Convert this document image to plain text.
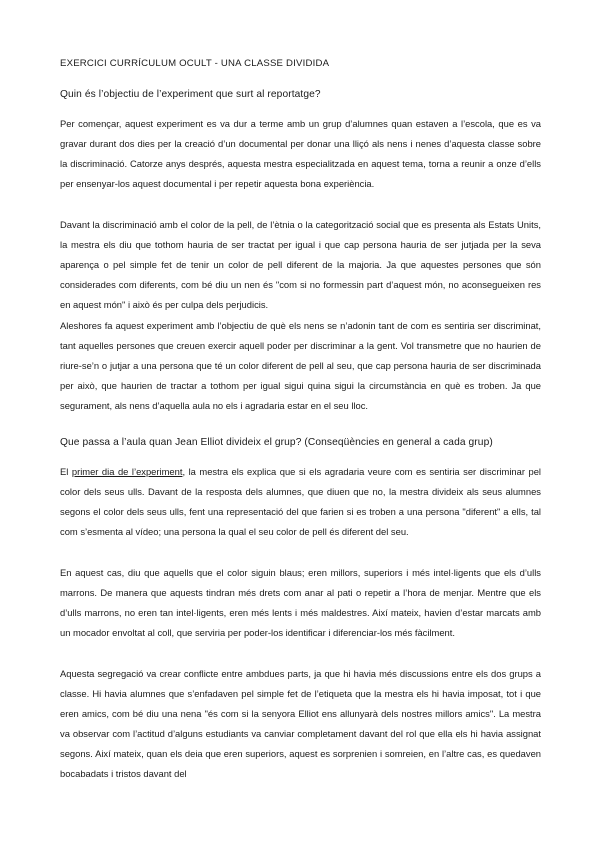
EXERCICI CURRÍCULUM OCULT - UNA CLASSE DIVIDIDA
Quin és l’objectiu de l’experiment que surt al reportatge?
Per començar, aquest experiment es va dur a terme amb un grup d’alumnes quan estaven a l’escola, que es va gravar durant dos dies per la creació d’un documental per donar una lliçó als nens i nenes d’aquesta classe sobre la discriminació. Catorze anys després, aquesta mestra especialitzada en aquest tema, torna a reunir a onze d’ells per ensenyar-los aquest documental i per repetir aquesta bona experiència.
Davant la discriminació amb el color de la pell, de l’ètnia o la categorització social que es presenta als Estats Units, la mestra els diu que tothom hauria de ser tractat per igual i que cap persona hauria de ser jutjada per la seva aparença o pel simple fet de tenir un color de pell diferent de la majoria. Ja que aquestes persones que són considerades com diferents, com bé diu un nen és "com si no formessin part d’aquest món, no aconsegueixen res en aquest món" i això és per culpa dels perjudicis.
Aleshores fa aquest experiment amb l’objectiu de què els nens se n’adonin tant de com es sentiria ser discriminat, tant aquelles persones que creuen exercir aquell poder per discriminar a la gent. Vol transmetre que no haurien de riure-se’n o jutjar a una persona que té un color diferent de pell al seu, que cap persona hauria de ser discriminada per això, que haurien de tractar a tothom per igual sigui quina sigui la circumstància en què es troben. Ja que segurament, als nens d’aquella aula no els i agradaria estar en el seu lloc.
Que passa a l’aula quan Jean Elliot divideix el grup? (Conseqüències en general a cada grup)
El primer dia de l’experiment, la mestra els explica que si els agradaria veure com es sentiria ser discriminar pel color dels seus ulls. Davant de la resposta dels alumnes, que diuen que no, la mestra divideix als seus alumnes segons el color dels seus ulls, fent una representació del que farien si es troben a una persona "diferent" a ells, tal com s’esmenta al vídeo; una persona la qual el seu color de pell és diferent del seu.
En aquest cas, diu que aquells que el color siguin blaus; eren millors, superiors i més intel·ligents que els d’ulls marrons. De manera que aquests tindran més drets com anar al pati o repetir a l’hora de menjar. Mentre que els d’ulls marrons, no eren tan intel·ligents, eren més lents i més maldestres. Així mateix, havien d’estar marcats amb un mocador envoltat al coll, que serviria per poder-los identificar i diferenciar-los més fàcilment.
Aquesta segregació va crear conflicte entre ambdues parts, ja que hi havia més discussions entre els dos grups a classe. Hi havia alumnes que s’enfadaven pel simple fet de l’etiqueta que la mestra els hi havia imposat, tot i que eren amics, com bé diu una nena "és com si la senyora Elliot ens allunyarà dels nostres millors amics". La mestra va observar com l’actitud d’alguns estudiants va canviar completament davant del rol que ella els hi havia assignat segons. Així mateix, quan els deia que eren superiors, aquest es sorprenien i somreien, en l’altre cas, es quedaven bocabadats i tristos davant del
